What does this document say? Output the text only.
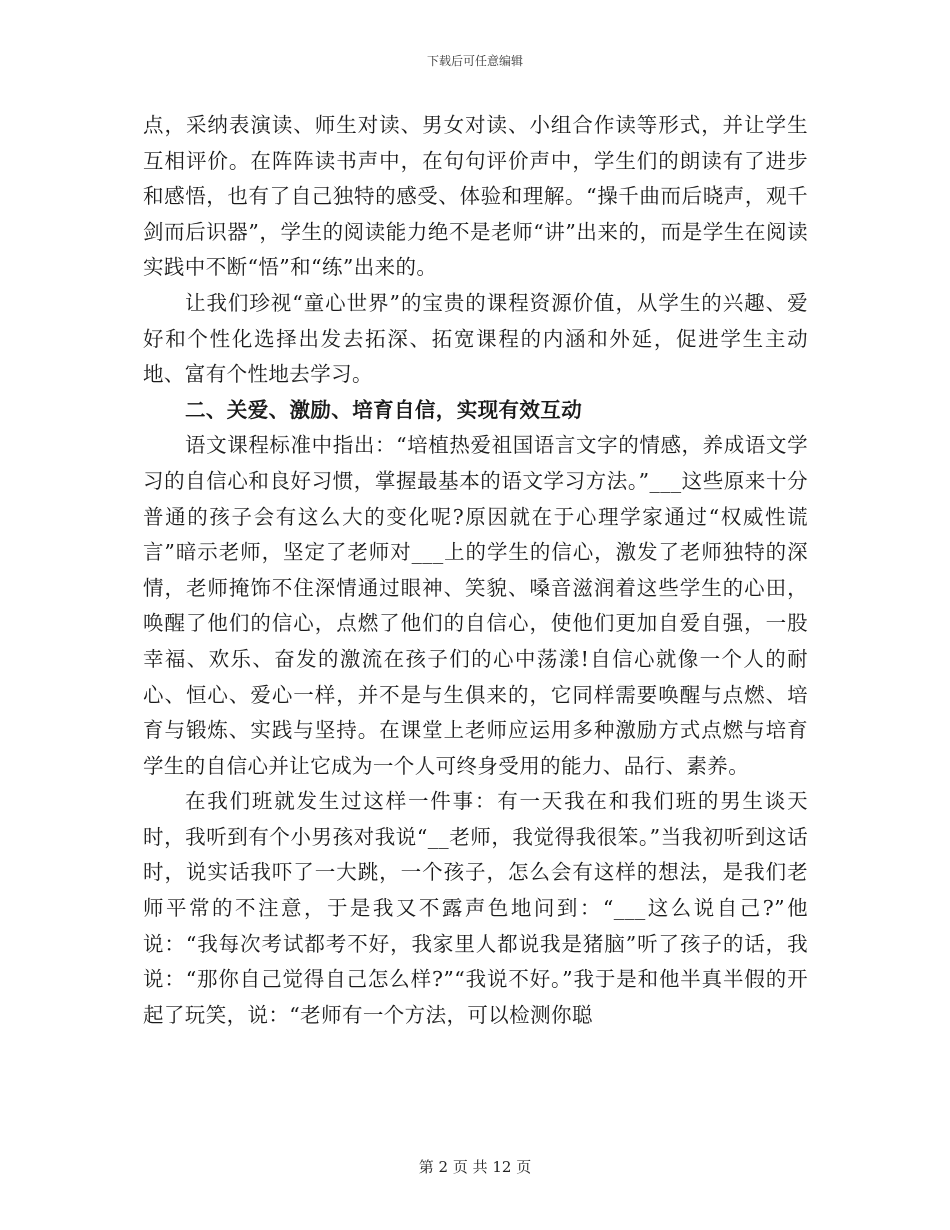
下载后可任意编辑

点，采纳表演读、师生对读、男女对读、小组合作读等形式，并让学生互相评价。在阵阵读书声中，在句句评价声中，学生们的朗读有了进步和感悟，也有了自己独特的感受、体验和理解。“操千曲而后晓声，观千剑而后识器”，学生的阅读能力绝不是老师“讲”出来的，而是学生在阅读实践中不断“悟”和“练”出来的。

让我们珍视“童心世界”的宝贵的课程资源价值，从学生的兴趣、爱好和个性化选择出发去拓深、拓宽课程的内涵和外延，促进学生主动地、富有个性地去学习。

二、关爱、激励、培育自信，实现有效互动

语文课程标准中指出：“培植热爱祖国语言文字的情感，养成语文学习的自信心和良好习惯，掌握最基本的语文学习方法。”___这些原来十分普通的孩子会有这么大的变化呢?原因就在于心理学家通过“权威性谎言”暗示老师，坚定了老师对___上的学生的信心，激发了老师独特的深情，老师掩饰不住深情通过眼神、笑貌、嗓音滋润着这些学生的心田，唤醒了他们的信心，点燃了他们的自信心，使他们更加自爱自强，一股幸福、欢乐、奋发的激流在孩子们的心中荡漾!自信心就像一个人的耐心、恒心、爱心一样，并不是与生俱来的，它同样需要唤醒与点燃、培育与锻炼、实践与坚持。在课堂上老师应运用多种激励方式点燃与培育学生的自信心并让它成为一个人可终身受用的能力、品行、素养。

在我们班就发生过这样一件事：有一天我在和我们班的男生谈天时，我听到有个小男孩对我说“__老师，我觉得我很笨。”当我初听到这话时，说实话我吓了一大跳，一个孩子，怎么会有这样的想法，是我们老师平常的不注意，于是我又不露声色地问到：“___这么说自己?”他说：“我每次考试都考不好，我家里人都说我是猪脑”听了孩子的话，我说：“那你自己觉得自己怎么样?”“我说不好。”我于是和他半真半假的开起了玩笑，说：“老师有一个方法，可以检测你聪

第 2 页 共 12 页
